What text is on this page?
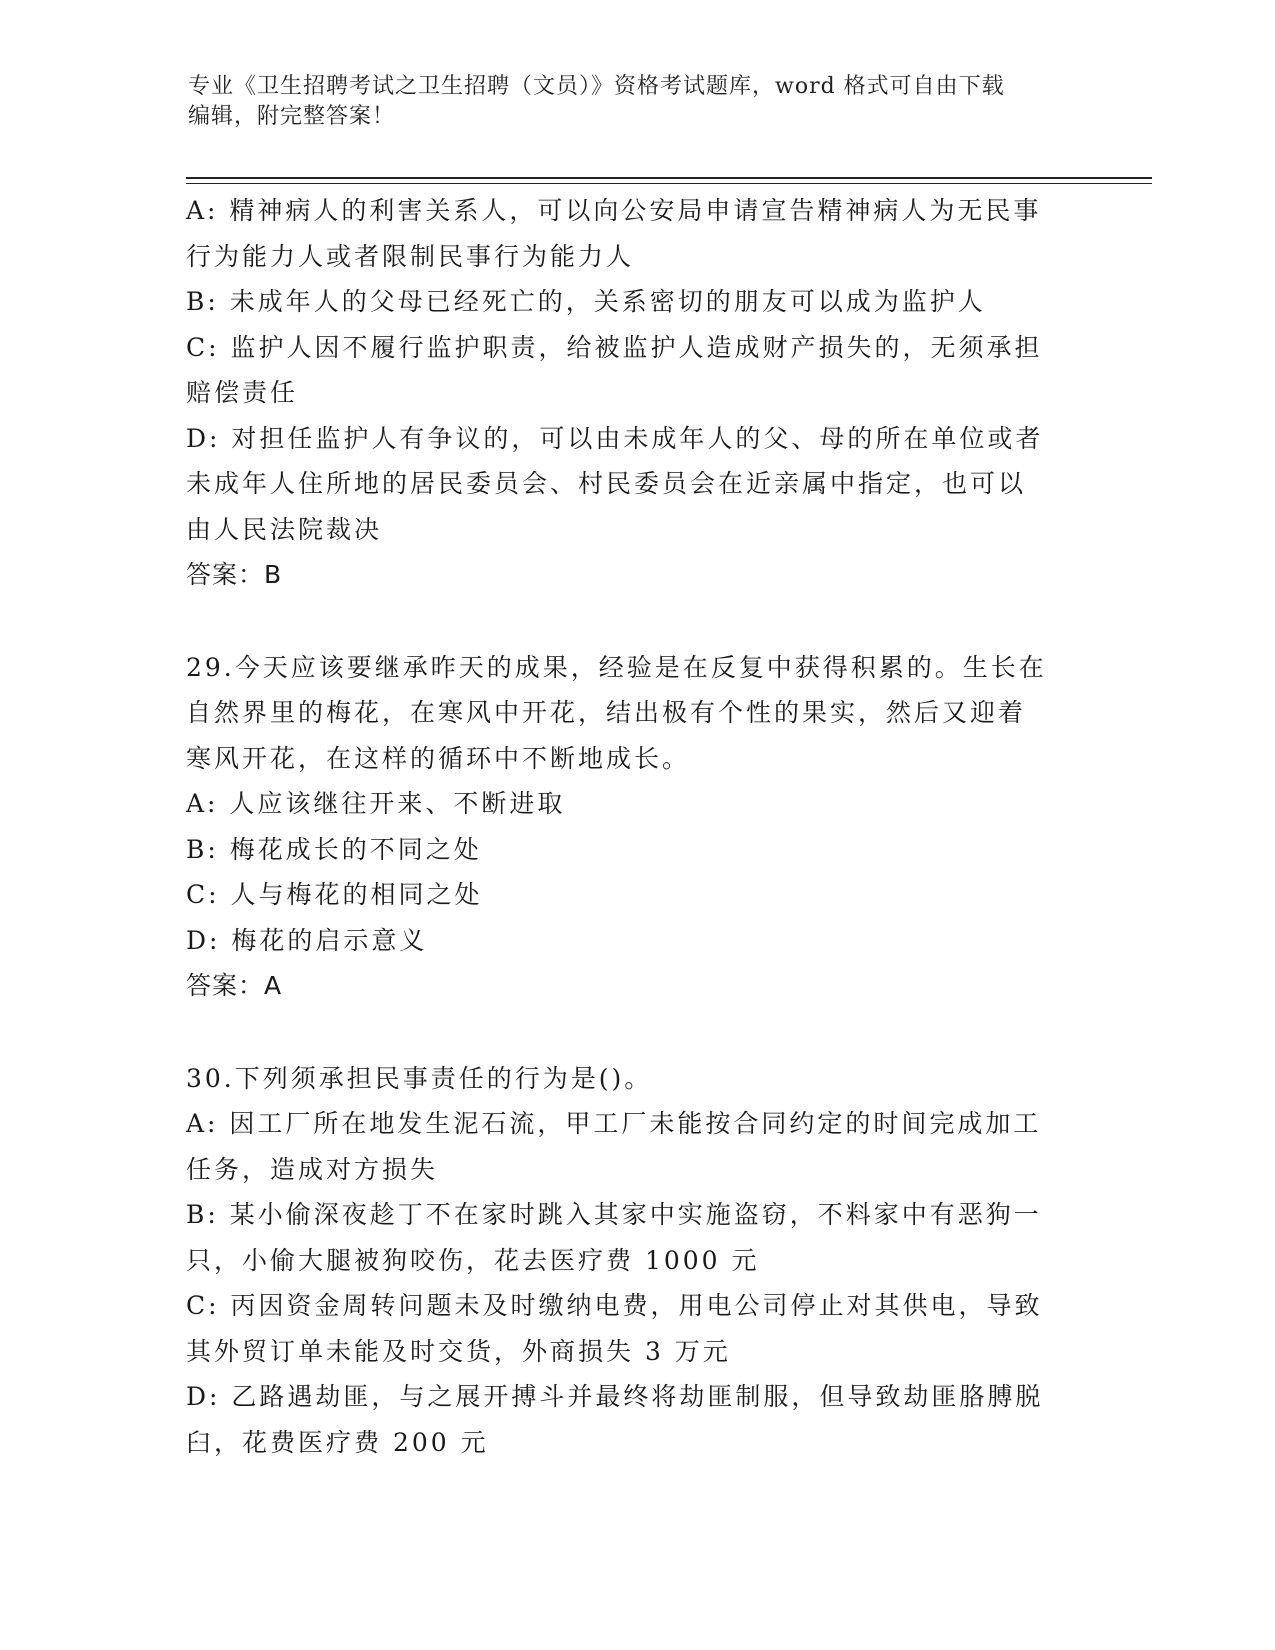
专业《卫生招聘考试之卫生招聘（文员）》资格考试题库，word 格式可自由下载
编辑，附完整答案！
A: 精神病人的利害关系人，可以向公安局申请宣告精神病人为无民事
行为能力人或者限制民事行为能力人
B: 未成年人的父母已经死亡的，关系密切的朋友可以成为监护人
C: 监护人因不履行监护职责，给被监护人造成财产损失的，无须承担
赔偿责任
D: 对担任监护人有争议的，可以由未成年人的父、母的所在单位或者
未成年人住所地的居民委员会、村民委员会在近亲属中指定，也可以
由人民法院裁决
答案：B
29.今天应该要继承昨天的成果，经验是在反复中获得积累的。生长在
自然界里的梅花，在寒风中开花，结出极有个性的果实，然后又迎着
寒风开花，在这样的循环中不断地成长。
A: 人应该继往开来、不断进取
B: 梅花成长的不同之处
C: 人与梅花的相同之处
D: 梅花的启示意义
答案：A
30.下列须承担民事责任的行为是()。
A: 因工厂所在地发生泥石流，甲工厂未能按合同约定的时间完成加工
任务，造成对方损失
B: 某小偷深夜趁丁不在家时跳入其家中实施盗窃，不料家中有恶狗一
只，小偷大腿被狗咬伤，花去医疗费 1000 元
C: 丙因资金周转问题未及时缴纳电费，用电公司停止对其供电，导致
其外贸订单未能及时交货，外商损失 3 万元
D: 乙路遇劫匪，与之展开搏斗并最终将劫匪制服，但导致劫匪胳膊脱
臼，花费医疗费 200 元
